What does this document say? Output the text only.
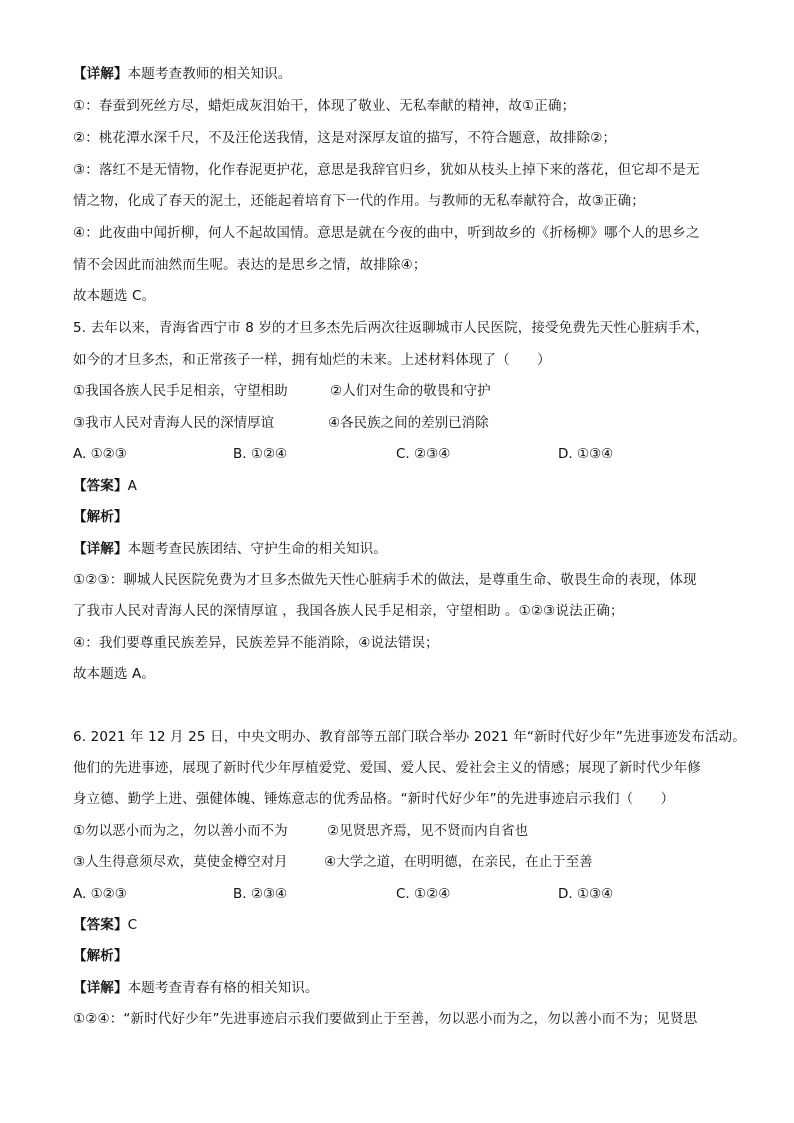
【详解】本题考查教师的相关知识。
①：春蚕到死丝方尽，蜡炬成灰泪始干，体现了敬业、无私奉献的精神，故①正确；
②：桃花潭水深千尺，不及汪伦送我情，这是对深厚友谊的描写，不符合题意，故排除②；
③：落红不是无情物，化作春泥更护花，意思是我辞官归乡，犹如从枝头上掉下来的落花，但它却不是无
情之物，化成了春天的泥土，还能起着培育下一代的作用。与教师的无私奉献符合，故③正确；
④：此夜曲中闻折柳，何人不起故国情。意思是就在今夜的曲中，听到故乡的《折杨柳》哪个人的思乡之
情不会因此而油然而生呢。表达的是思乡之情，故排除④；
故本题选 C。
5. 去年以来，青海省西宁市 8 岁的才旦多杰先后两次往返聊城市人民医院，接受免费先天性心脏病手术，
如今的才旦多杰，和正常孩子一样，拥有灿烂的未来。上述材料体现了（　　）
①我国各族人民手足相亲，守望相助	②人们对生命的敬畏和守护
③我市人民对青海人民的深情厚谊	④各民族之间的差别已消除
A. ①②③	B. ①②④	C. ②③④	D. ①③④
【答案】A
【解析】
【详解】本题考查民族团结、守护生命的相关知识。
①②③：聊城人民医院免费为才旦多杰做先天性心脏病手术的做法，是尊重生命、敬畏生命的表现，体现
了我市人民对青海人民的深情厚谊 ，我国各族人民手足相亲，守望相助 。①②③说法正确；
④：我们要尊重民族差异，民族差异不能消除，④说法错误；
故本题选 A。
6. 2021 年 12 月 25 日，中央文明办、教育部等五部门联合举办 2021 年“新时代好少年”先进事迹发布活动。
他们的先进事迹，展现了新时代少年厚植爱党、爱国、爱人民、爱社会主义的情感；展现了新时代少年修
身立德、勤学上进、强健体魄、锤炼意志的优秀品格。“新时代好少年”的先进事迹启示我们（　　）
①勿以恶小而为之，勿以善小而不为	②见贤思齐焉，见不贤而内自省也
③人生得意须尽欢，莫使金樽空对月	④大学之道，在明明德，在亲民，在止于至善
A. ①②③	B. ②③④	C. ①②④	D. ①③④
【答案】C
【解析】
【详解】本题考查青春有格的相关知识。
①②④：“新时代好少年”先进事迹启示我们要做到止于至善，勿以恶小而为之，勿以善小而不为；见贤思
